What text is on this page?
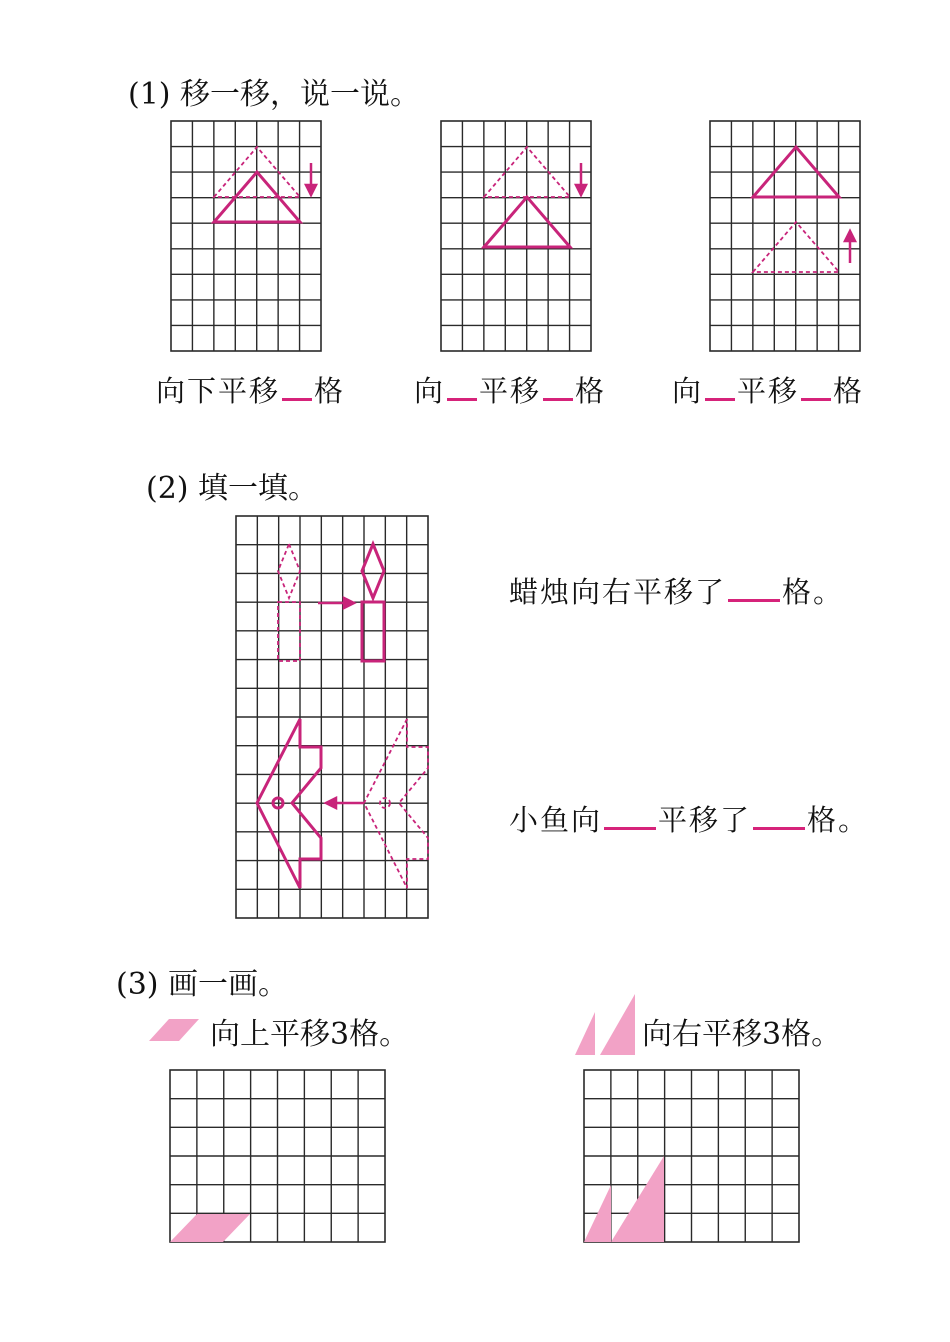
(1) 移一移，说一说。
向下平移 格 向 平移 格 向 平移 格
(2) 填一填。
蜡烛向右平移了 格。
小鱼向 平移了 格。
(3) 画一画。
向上平移3格。	向右平移3格。
